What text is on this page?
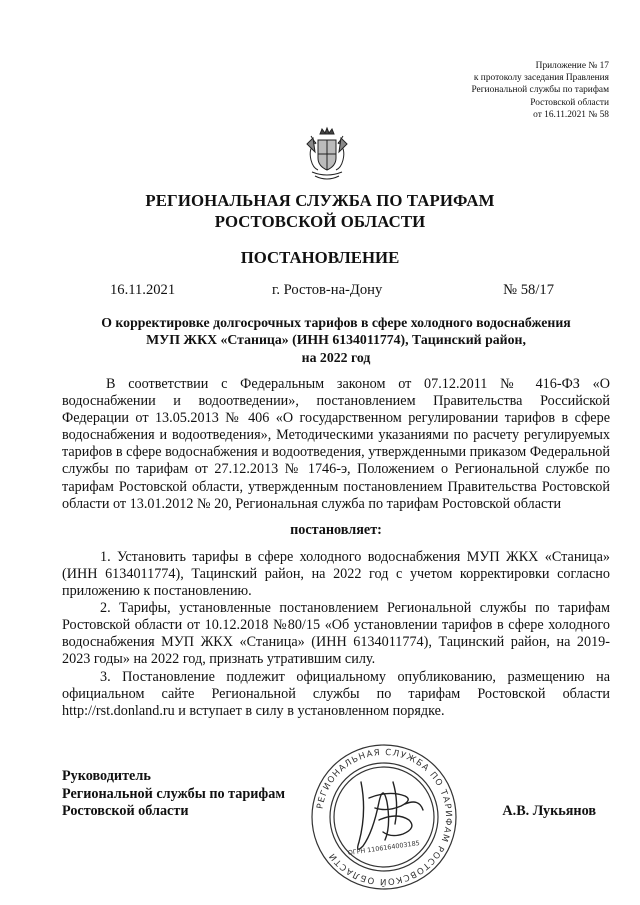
Приложение № 17
к протоколу заседания Правления
Региональной службы по тарифам
Ростовской области
от 16.11.2021 № 58
РЕГИОНАЛЬНАЯ СЛУЖБА ПО ТАРИФАМ
РОСТОВСКОЙ ОБЛАСТИ
ПОСТАНОВЛЕНИЕ
16.11.2021	г. Ростов-на-Дону	№ 58/17
О корректировке долгосрочных тарифов в сфере холодного водоснабжения
МУП ЖКХ «Станица» (ИНН 6134011774), Тацинский район,
на 2022 год

В соответствии с Федеральным законом от 07.12.2011 № 416-ФЗ «О водоснабжении и водоотведении», постановлением Правительства Российской Федерации от 13.05.2013 № 406 «О государственном регулировании тарифов в сфере водоснабжения и водоотведения», Методическими указаниями по расчету регулируемых тарифов в сфере водоснабжения и водоотведения, утвержденными приказом Федеральной службы по тарифам от 27.12.2013 № 1746-э, Положением о Региональной службе по тарифам Ростовской области, утвержденным постановлением Правительства Ростовской области от 13.01.2012 № 20, Региональная служба по тарифам Ростовской области

постановляет:

1. Установить тарифы в сфере холодного водоснабжения МУП ЖКХ «Станица» (ИНН 6134011774), Тацинский район, на 2022 год с учетом корректировки согласно приложению к постановлению.

2. Тарифы, установленные постановлением Региональной службы по тарифам Ростовской области от 10.12.2018 №80/15 «Об установлении тарифов в сфере холодного водоснабжения МУП ЖКХ «Станица» (ИНН 6134011774), Тацинский район, на 2019-2023 годы» на 2022 год, признать утратившим силу.

3. Постановление подлежит официальному опубликованию, размещению на официальном сайте Региональной службы по тарифам Ростовской области http://rst.donland.ru и вступает в силу в установленном порядке.

РЕГИОНАЛЬНАЯ СЛУЖБА ПО ТАРИФАМ РОСТОВСКОЙ ОБЛАСТИ	ОГРН 1106164003185
Руководитель
Региональной службы по тарифам
Ростовской области	А.В. Лукьянов
